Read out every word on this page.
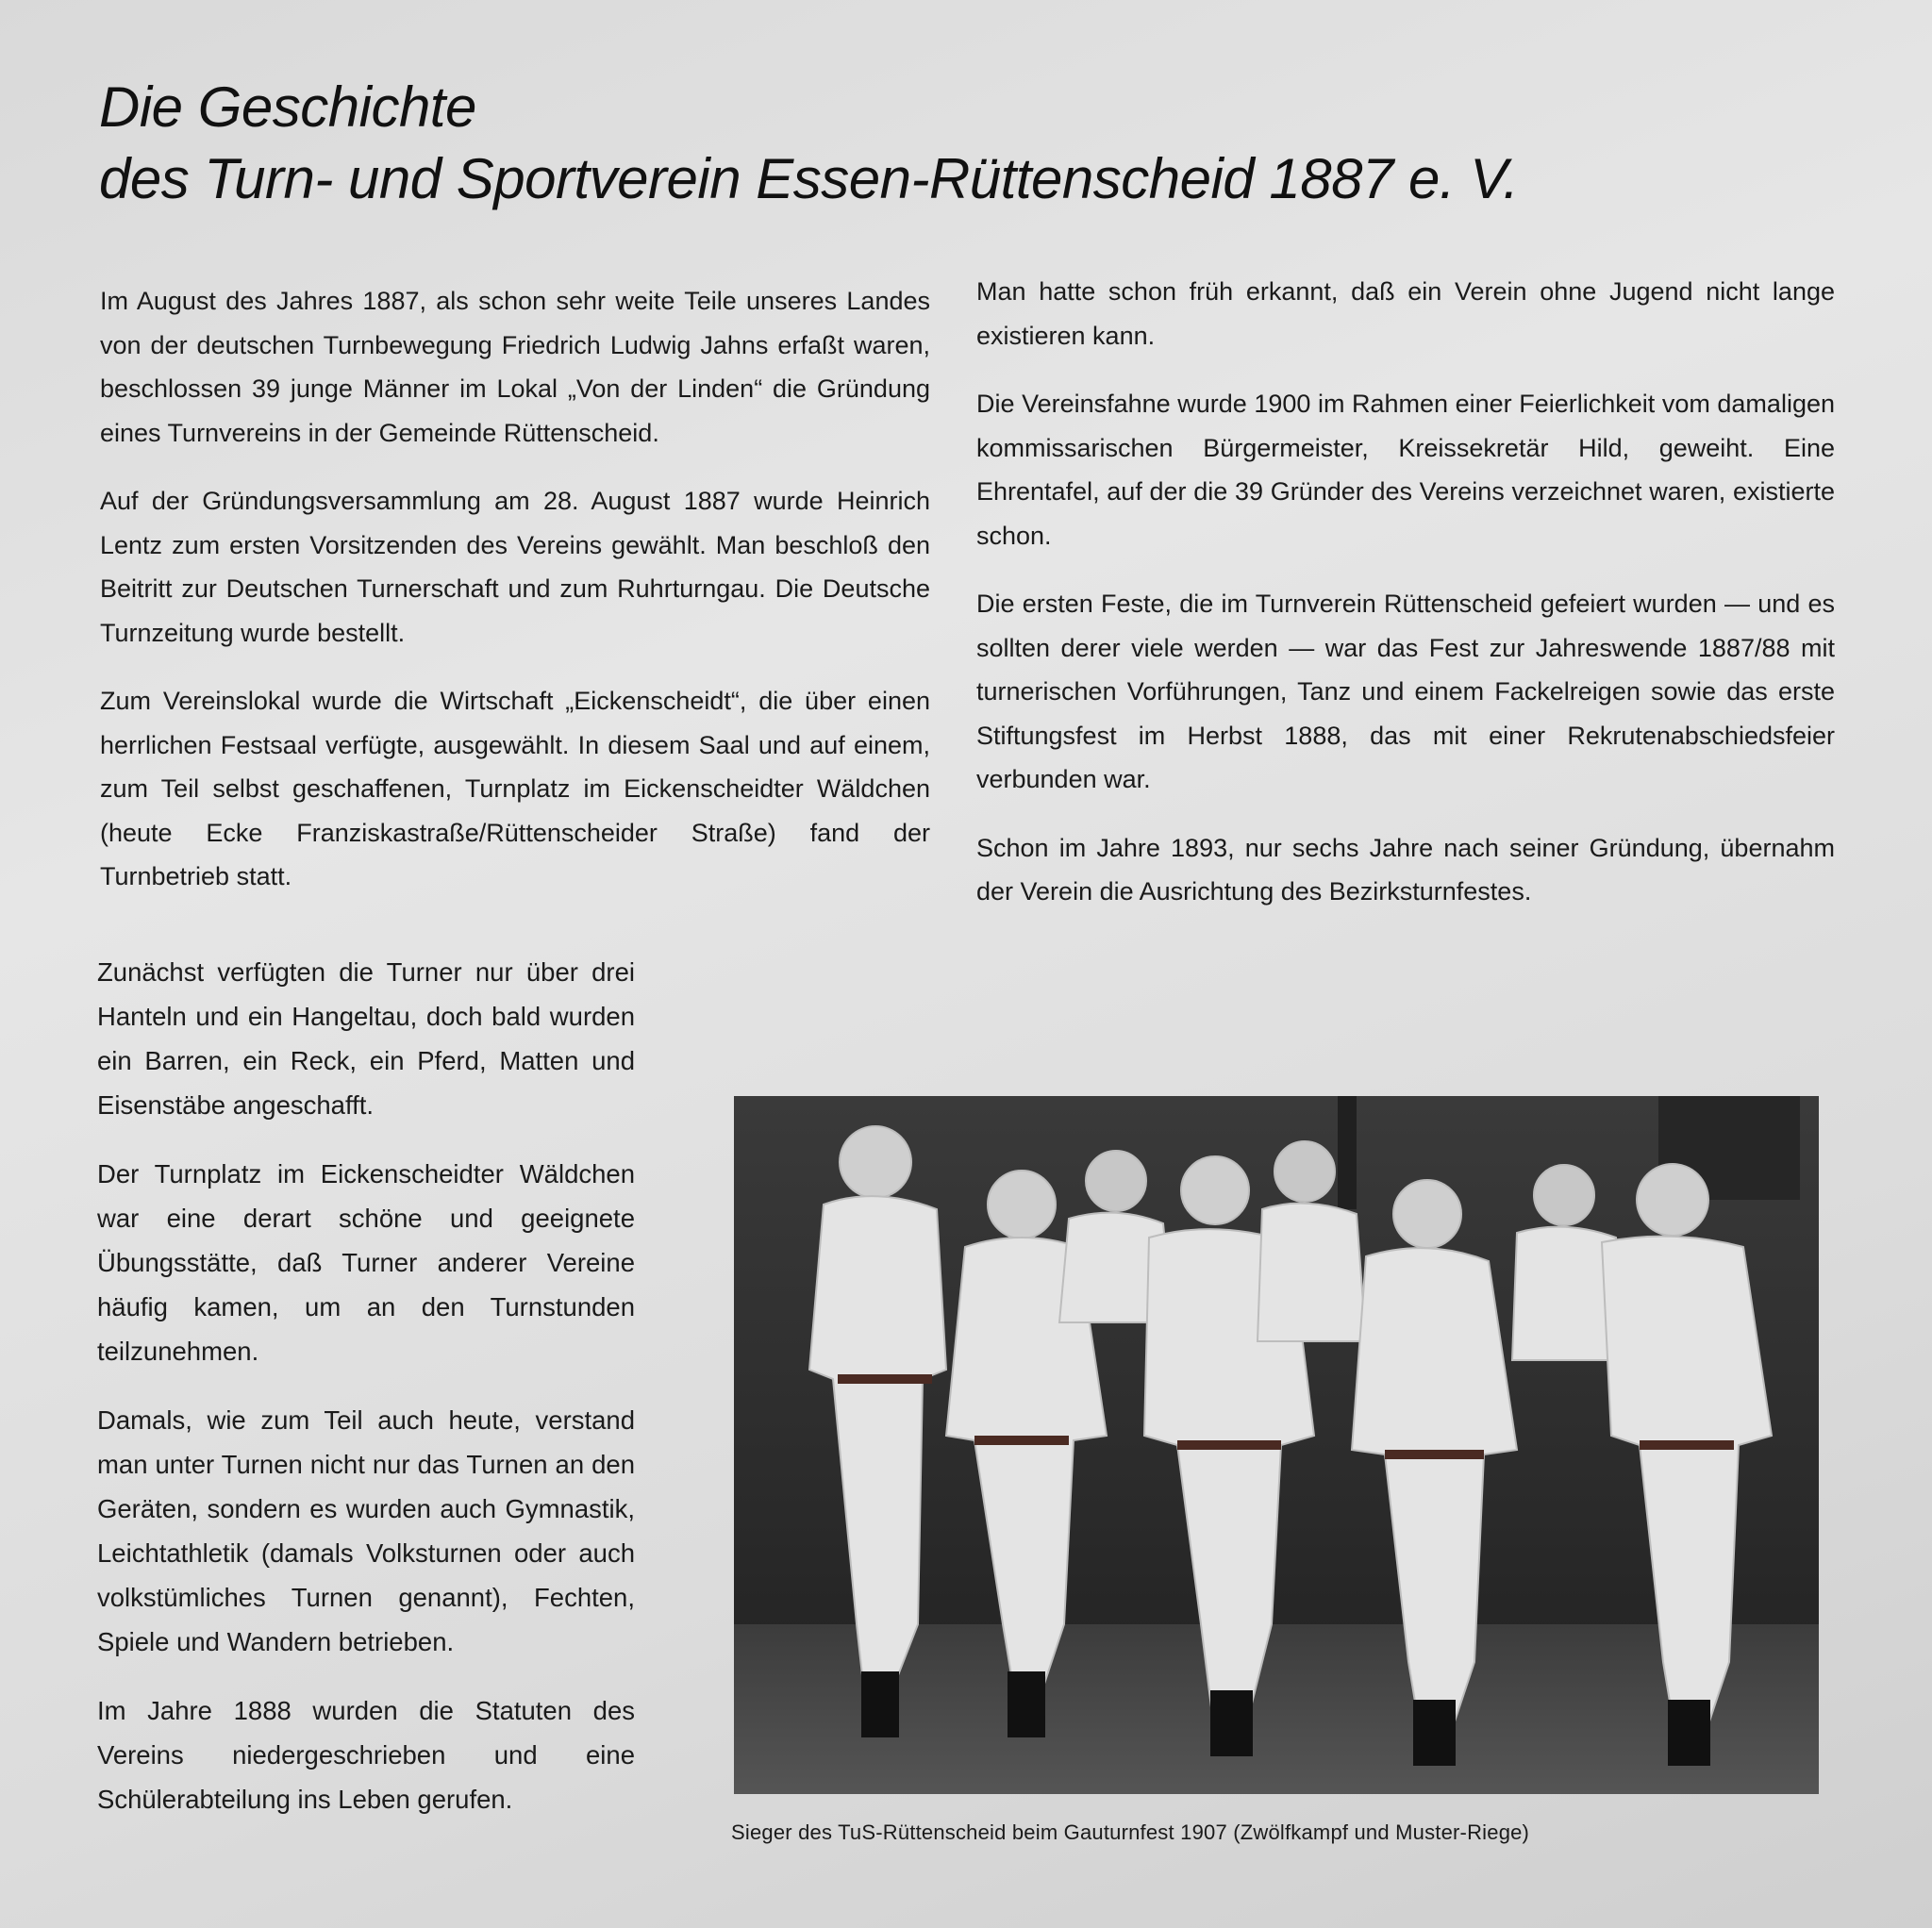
Die Geschichte
des Turn- und Sportverein Essen-Rüttenscheid 1887 e. V.

Im August des Jahres 1887, als schon sehr weite Teile unseres Landes von der deutschen Turnbewegung Friedrich Ludwig Jahns erfaßt waren, beschlossen 39 junge Männer im Lokal „Von der Linden“ die Gründung eines Turnvereins in der Gemeinde Rüttenscheid.

Auf der Gründungsversammlung am 28. August 1887 wurde Heinrich Lentz zum ersten Vorsitzenden des Vereins gewählt. Man beschloß den Beitritt zur Deutschen Turnerschaft und zum Ruhrturngau. Die Deutsche Turnzeitung wurde bestellt.

Zum Vereinslokal wurde die Wirtschaft „Eickenscheidt“, die über einen herrlichen Festsaal verfügte, ausgewählt. In diesem Saal und auf einem, zum Teil selbst geschaffenen, Turnplatz im Eickenscheidter Wäldchen (heute Ecke Franziskastraße/Rüttenscheider Straße) fand der Turnbetrieb statt.

Zunächst verfügten die Turner nur über drei Hanteln und ein Hangeltau, doch bald wurden ein Barren, ein Reck, ein Pferd, Matten und Eisenstäbe angeschafft.

Der Turnplatz im Eickenscheidter Wäldchen war eine derart schöne und geeignete Übungsstätte, daß Turner anderer Vereine häufig kamen, um an den Turnstunden teilzunehmen.

Damals, wie zum Teil auch heute, verstand man unter Turnen nicht nur das Turnen an den Geräten, sondern es wurden auch Gymnastik, Leichtathletik (damals Volksturnen oder auch volkstümliches Turnen genannt), Fechten, Spiele und Wandern betrieben.

Im Jahre 1888 wurden die Statuten des Vereins niedergeschrieben und eine Schülerabteilung ins Leben gerufen.

Man hatte schon früh erkannt, daß ein Verein ohne Jugend nicht lange existieren kann.

Die Vereinsfahne wurde 1900 im Rahmen einer Feierlichkeit vom damaligen kommissarischen Bürgermeister, Kreissekretär Hild, geweiht. Eine Ehrentafel, auf der die 39 Gründer des Vereins verzeichnet waren, existierte schon.

Die ersten Feste, die im Turnverein Rüttenscheid gefeiert wurden — und es sollten derer viele werden — war das Fest zur Jahreswende 1887/88 mit turnerischen Vorführungen, Tanz und einem Fackelreigen sowie das erste Stiftungsfest im Herbst 1888, das mit einer Rekrutenabschiedsfeier verbunden war.

Schon im Jahre 1893, nur sechs Jahre nach seiner Gründung, übernahm der Verein die Ausrichtung des Bezirksturnfestes.

Sieger des TuS-Rüttenscheid beim Gauturnfest 1907 (Zwölfkampf und Muster-Riege)
